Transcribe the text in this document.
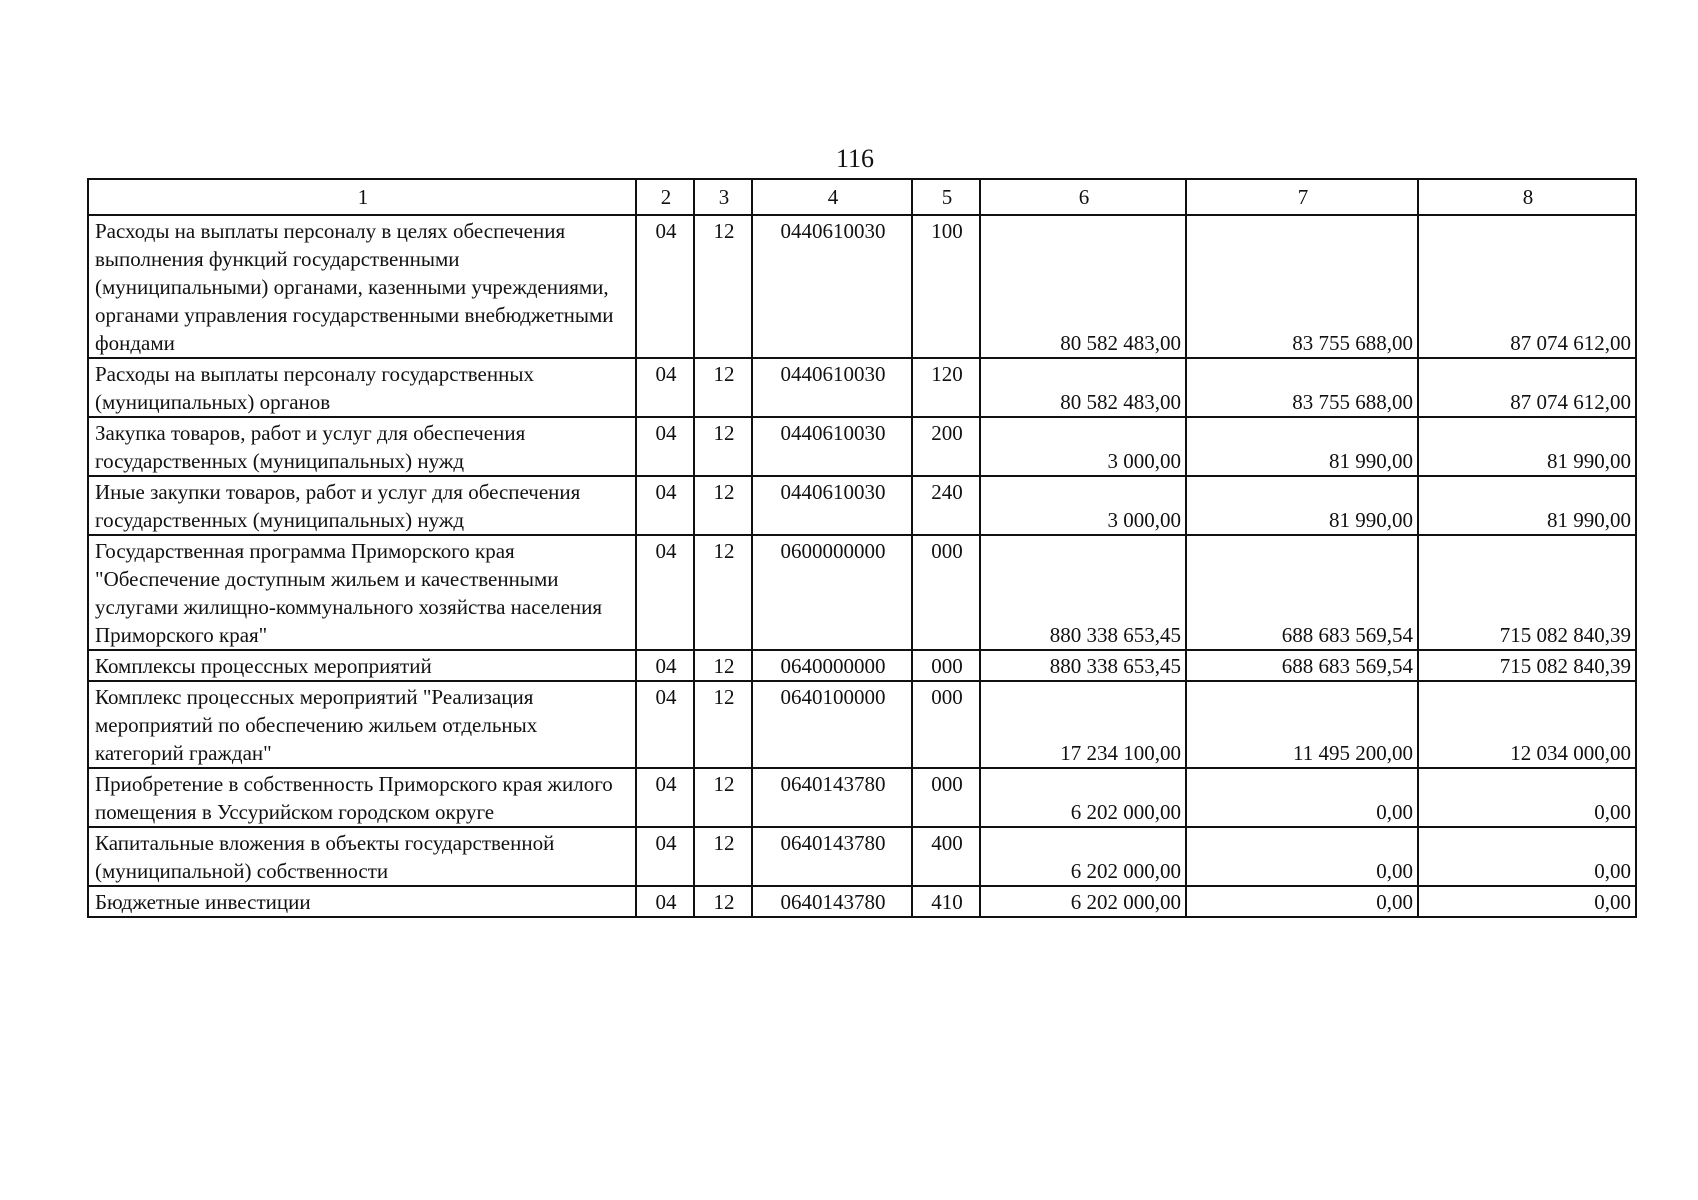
116
1	2	3	4	5	6	7	8
Расходы на выплаты персоналу в целях обеспечения выполнения функций государственными (муниципальными) органами, казенными учреждениями, органами управления государственными внебюджетными фондами	04	12	0440610030	100	80 582 483,00	83 755 688,00	87 074 612,00
Расходы на выплаты персоналу государственных (муниципальных) органов	04	12	0440610030	120	80 582 483,00	83 755 688,00	87 074 612,00
Закупка товаров, работ и услуг для обеспечения государственных (муниципальных) нужд	04	12	0440610030	200	3 000,00	81 990,00	81 990,00
Иные закупки товаров, работ и услуг для обеспечения государственных (муниципальных) нужд	04	12	0440610030	240	3 000,00	81 990,00	81 990,00
Государственная программа Приморского края "Обеспечение доступным жильем и качественными услугами жилищно-коммунального хозяйства населения Приморского края"	04	12	0600000000	000	880 338 653,45	688 683 569,54	715 082 840,39
Комплексы процессных мероприятий	04	12	0640000000	000	880 338 653,45	688 683 569,54	715 082 840,39
Комплекс процессных мероприятий "Реализация мероприятий по обеспечению жильем отдельных категорий граждан"	04	12	0640100000	000	17 234 100,00	11 495 200,00	12 034 000,00
Приобретение в собственность Приморского края жилого помещения в Уссурийском городском округе	04	12	0640143780	000	6 202 000,00	0,00	0,00
Капитальные вложения в объекты государственной (муниципальной) собственности	04	12	0640143780	400	6 202 000,00	0,00	0,00
Бюджетные инвестиции	04	12	0640143780	410	6 202 000,00	0,00	0,00
